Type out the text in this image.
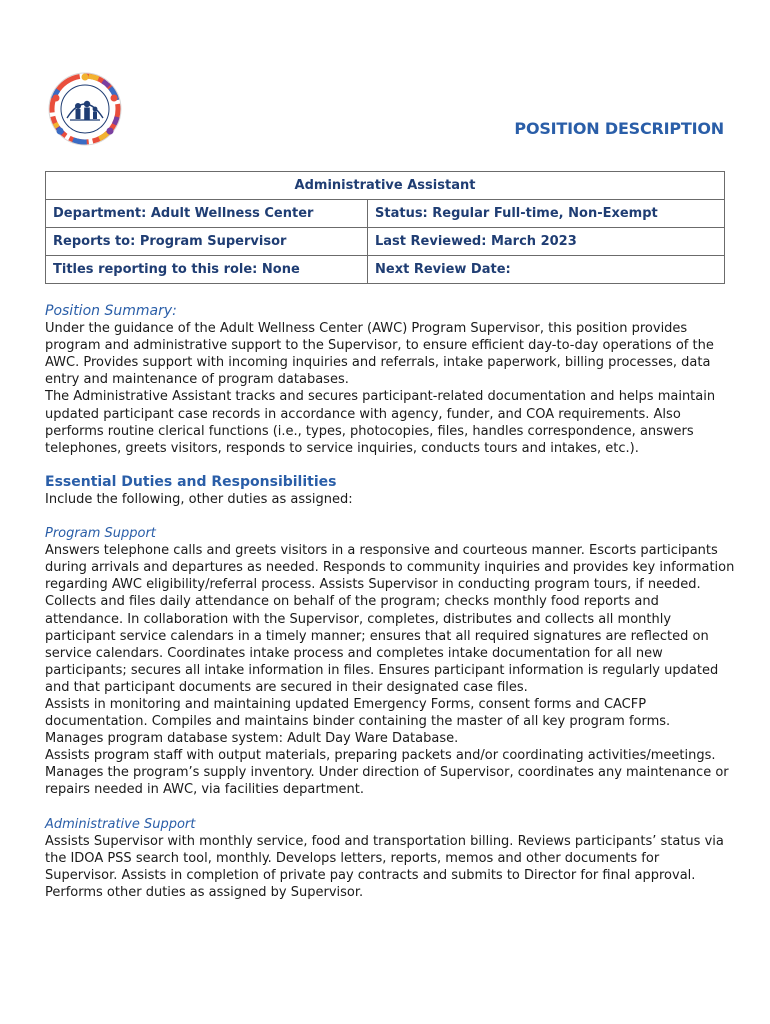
POSITION DESCRIPTION
Administrative Assistant	
Department: Adult Wellness Center	Status: Regular Full-time, Non-Exempt
Reports to: Program Supervisor	Last Reviewed: March 2023
Titles reporting to this role: None	Next Review Date:

Position Summary:

Under the guidance of the Adult Wellness Center (AWC) Program Supervisor, this position provides program and administrative support to the Supervisor, to ensure efficient day-to-day operations of the AWC. Provides support with incoming inquiries and referrals, intake paperwork, billing processes, data entry and maintenance of program databases.

The Administrative Assistant tracks and secures participant-related documentation and helps maintain updated participant case records in accordance with agency, funder, and COA requirements. Also performs routine clerical functions (i.e., types, photocopies, files, handles correspondence, answers telephones, greets visitors, responds to service inquiries, conducts tours and intakes, etc.).

Essential Duties and Responsibilities

Include the following, other duties as assigned:

Program Support

Answers telephone calls and greets visitors in a responsive and courteous manner. Escorts participants during arrivals and departures as needed. Responds to community inquiries and provides key information regarding AWC eligibility/referral process. Assists Supervisor in conducting program tours, if needed.

Collects and files daily attendance on behalf of the program; checks monthly food reports and attendance. In collaboration with the Supervisor, completes, distributes and collects all monthly participant service calendars in a timely manner; ensures that all required signatures are reflected on service calendars. Coordinates intake process and completes intake documentation for all new participants; secures all intake information in files. Ensures participant information is regularly updated and that participant documents are secured in their designated case files.

Assists in monitoring and maintaining updated Emergency Forms, consent forms and CACFP documentation. Compiles and maintains binder containing the master of all key program forms.

Manages program database system: Adult Day Ware Database.

Assists program staff with output materials, preparing packets and/or coordinating activities/meetings. Manages the program’s supply inventory. Under direction of Supervisor, coordinates any maintenance or repairs needed in AWC, via facilities department.

Administrative Support

Assists Supervisor with monthly service, food and transportation billing. Reviews participants’ status via the IDOA PSS search tool, monthly. Develops letters, reports, memos and other documents for Supervisor. Assists in completion of private pay contracts and submits to Director for final approval. Performs other duties as assigned by Supervisor.
